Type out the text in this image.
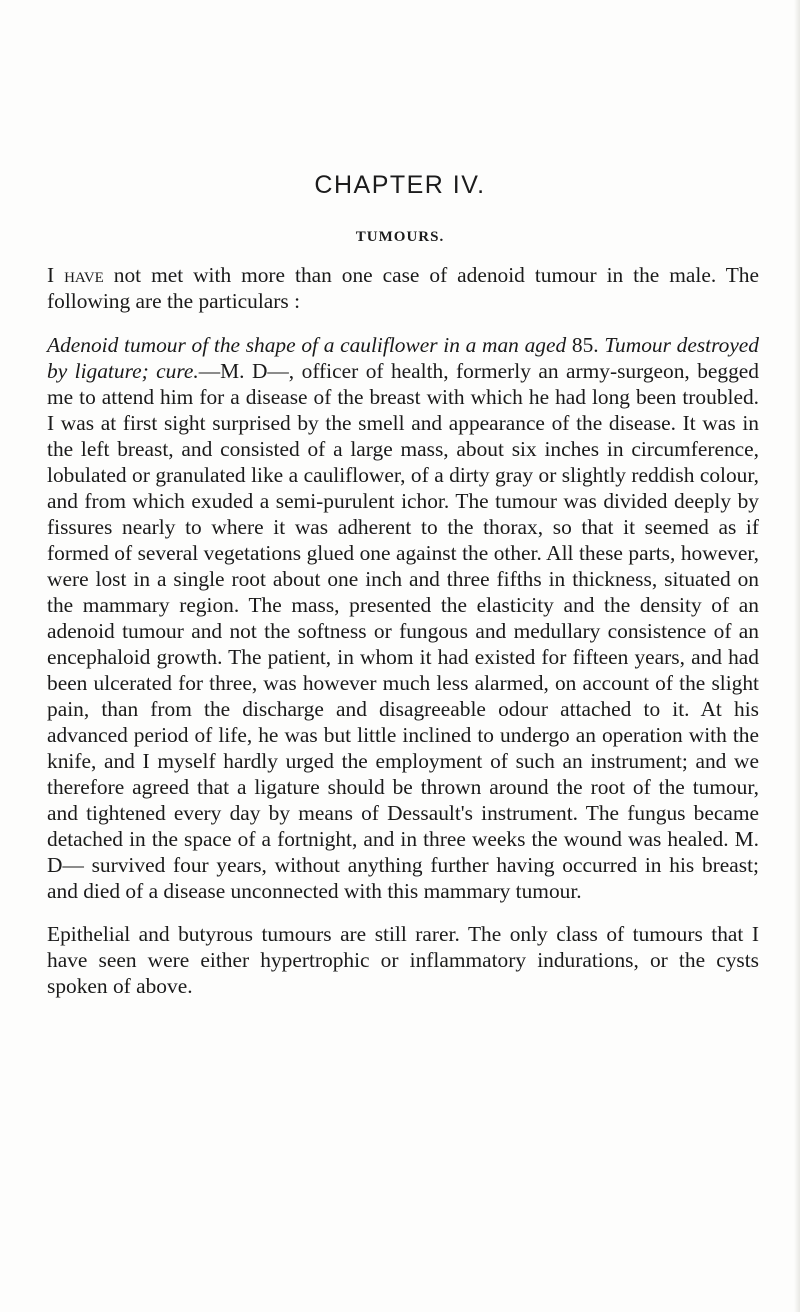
CHAPTER IV.
TUMOURS.

I have not met with more than one case of adenoid tumour in the male. The following are the particulars :

Adenoid tumour of the shape of a cauliflower in a man aged 85. Tumour destroyed by ligature; cure.—M. D—, officer of health, formerly an army-surgeon, begged me to attend him for a disease of the breast with which he had long been troubled. I was at first sight surprised by the smell and appearance of the disease. It was in the left breast, and consisted of a large mass, about six inches in circumference, lobulated or granulated like a cauliflower, of a dirty gray or slightly reddish colour, and from which exuded a semi-purulent ichor. The tumour was divided deeply by fissures nearly to where it was adherent to the thorax, so that it seemed as if formed of several vegetations glued one against the other. All these parts, however, were lost in a single root about one inch and three fifths in thickness, situated on the mammary region. The mass, presented the elasticity and the density of an adenoid tumour and not the softness or fungous and medullary consistence of an encephaloid growth. The patient, in whom it had existed for fifteen years, and had been ulcerated for three, was however much less alarmed, on account of the slight pain, than from the discharge and disagreeable odour attached to it. At his advanced period of life, he was but little inclined to undergo an operation with the knife, and I myself hardly urged the employment of such an instrument; and we therefore agreed that a ligature should be thrown around the root of the tumour, and tightened every day by means of Dessault's instrument. The fungus became detached in the space of a fortnight, and in three weeks the wound was healed. M. D— survived four years, without anything further having occurred in his breast; and died of a disease unconnected with this mammary tumour.

Epithelial and butyrous tumours are still rarer. The only class of tumours that I have seen were either hypertrophic or inflammatory indurations, or the cysts spoken of above.
